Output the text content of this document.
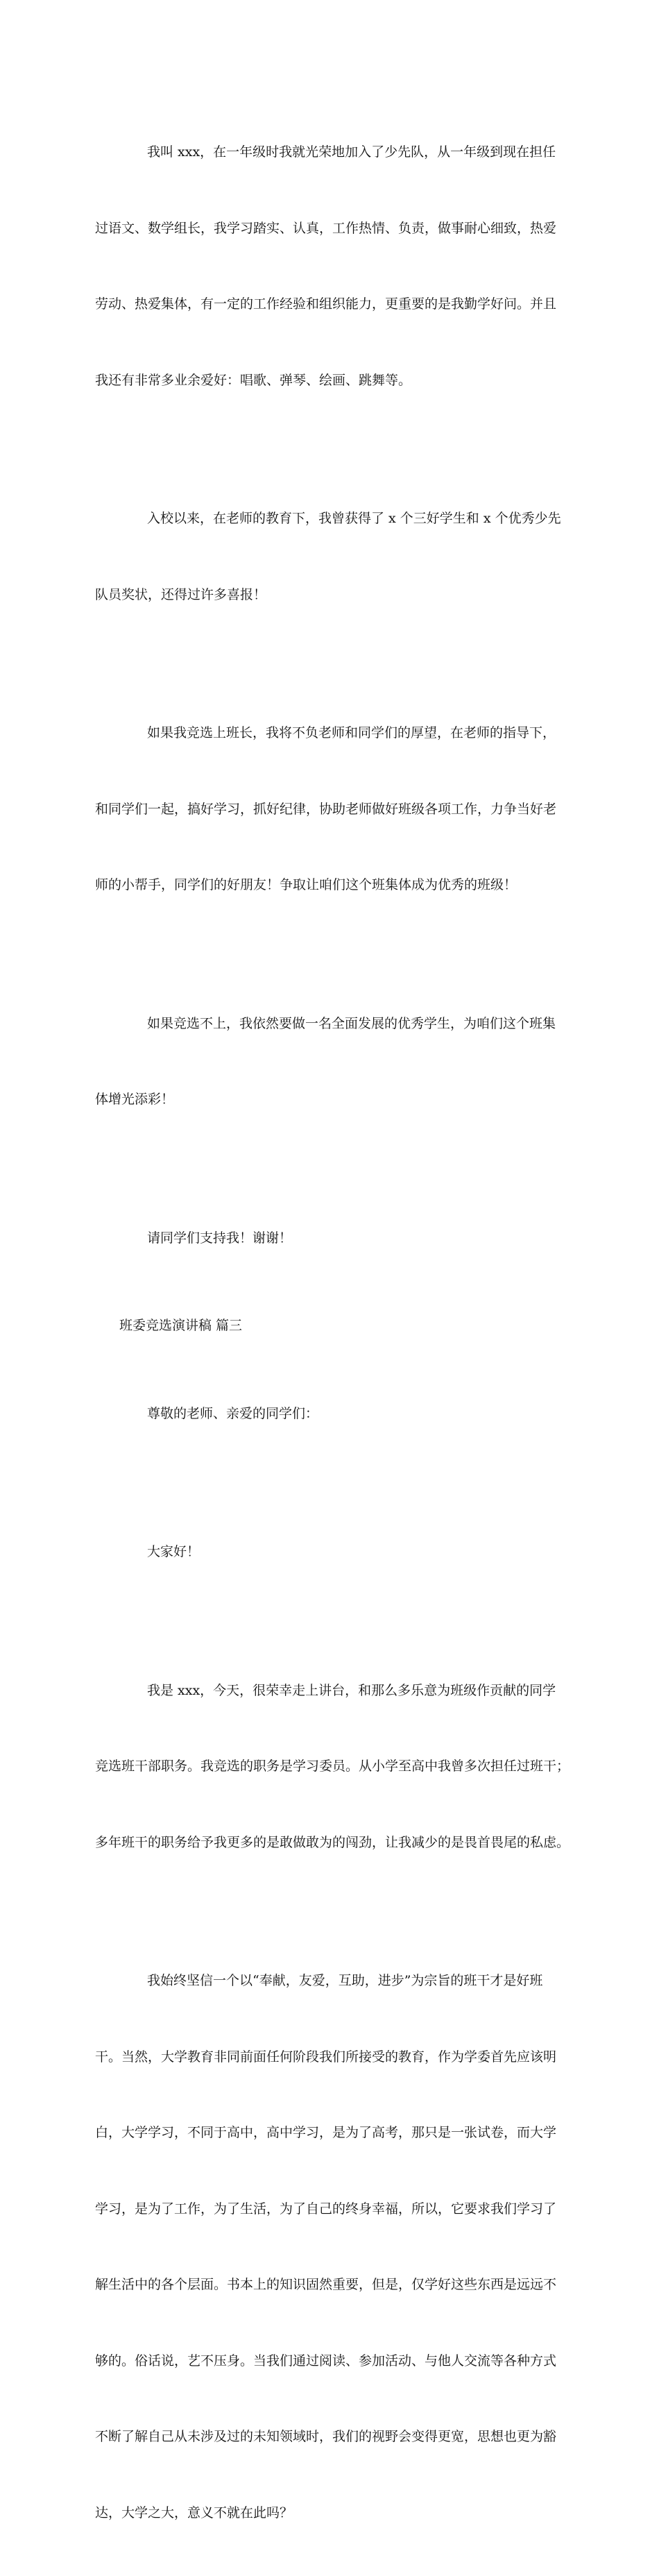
我叫 xxx，在一年级时我就光荣地加入了少先队，从一年级到现在担任

过语文、数学组长，我学习踏实、认真，工作热情、负责，做事耐心细致，热爱

劳动、热爱集体，有一定的工作经验和组织能力，更重要的是我勤学好问。并且

我还有非常多业余爱好：唱歌、弹琴、绘画、跳舞等。

入校以来，在老师的教育下，我曾获得了 x 个三好学生和 x 个优秀少先

队员奖状，还得过许多喜报！

如果我竞选上班长，我将不负老师和同学们的厚望，在老师的指导下，

和同学们一起，搞好学习，抓好纪律，协助老师做好班级各项工作，力争当好老

师的小帮手，同学们的好朋友！争取让咱们这个班集体成为优秀的班级！

如果竞选不上，我依然要做一名全面发展的优秀学生，为咱们这个班集

体增光添彩！

请同学们支持我！谢谢！

班委竞选演讲稿 篇三

尊敬的老师、亲爱的同学们：

大家好！

我是 xxx，今天，很荣幸走上讲台，和那么多乐意为班级作贡献的同学

竞选班干部职务。我竞选的职务是学习委员。从小学至高中我曾多次担任过班干；

多年班干的职务给予我更多的是敢做敢为的闯劲，让我减少的是畏首畏尾的私虑。

我始终坚信一个以“奉献，友爱，互助，进步”为宗旨的班干才是好班

干。当然，大学教育非同前面任何阶段我们所接受的教育，作为学委首先应该明

白，大学学习，不同于高中，高中学习，是为了高考，那只是一张试卷，而大学

学习，是为了工作，为了生活，为了自己的终身幸福，所以，它要求我们学习了

解生活中的各个层面。书本上的知识固然重要，但是，仅学好这些东西是远远不

够的。俗话说，艺不压身。当我们通过阅读、参加活动、与他人交流等各种方式

不断了解自己从未涉及过的未知领域时，我们的视野会变得更宽，思想也更为豁

达，大学之大，意义不就在此吗？
